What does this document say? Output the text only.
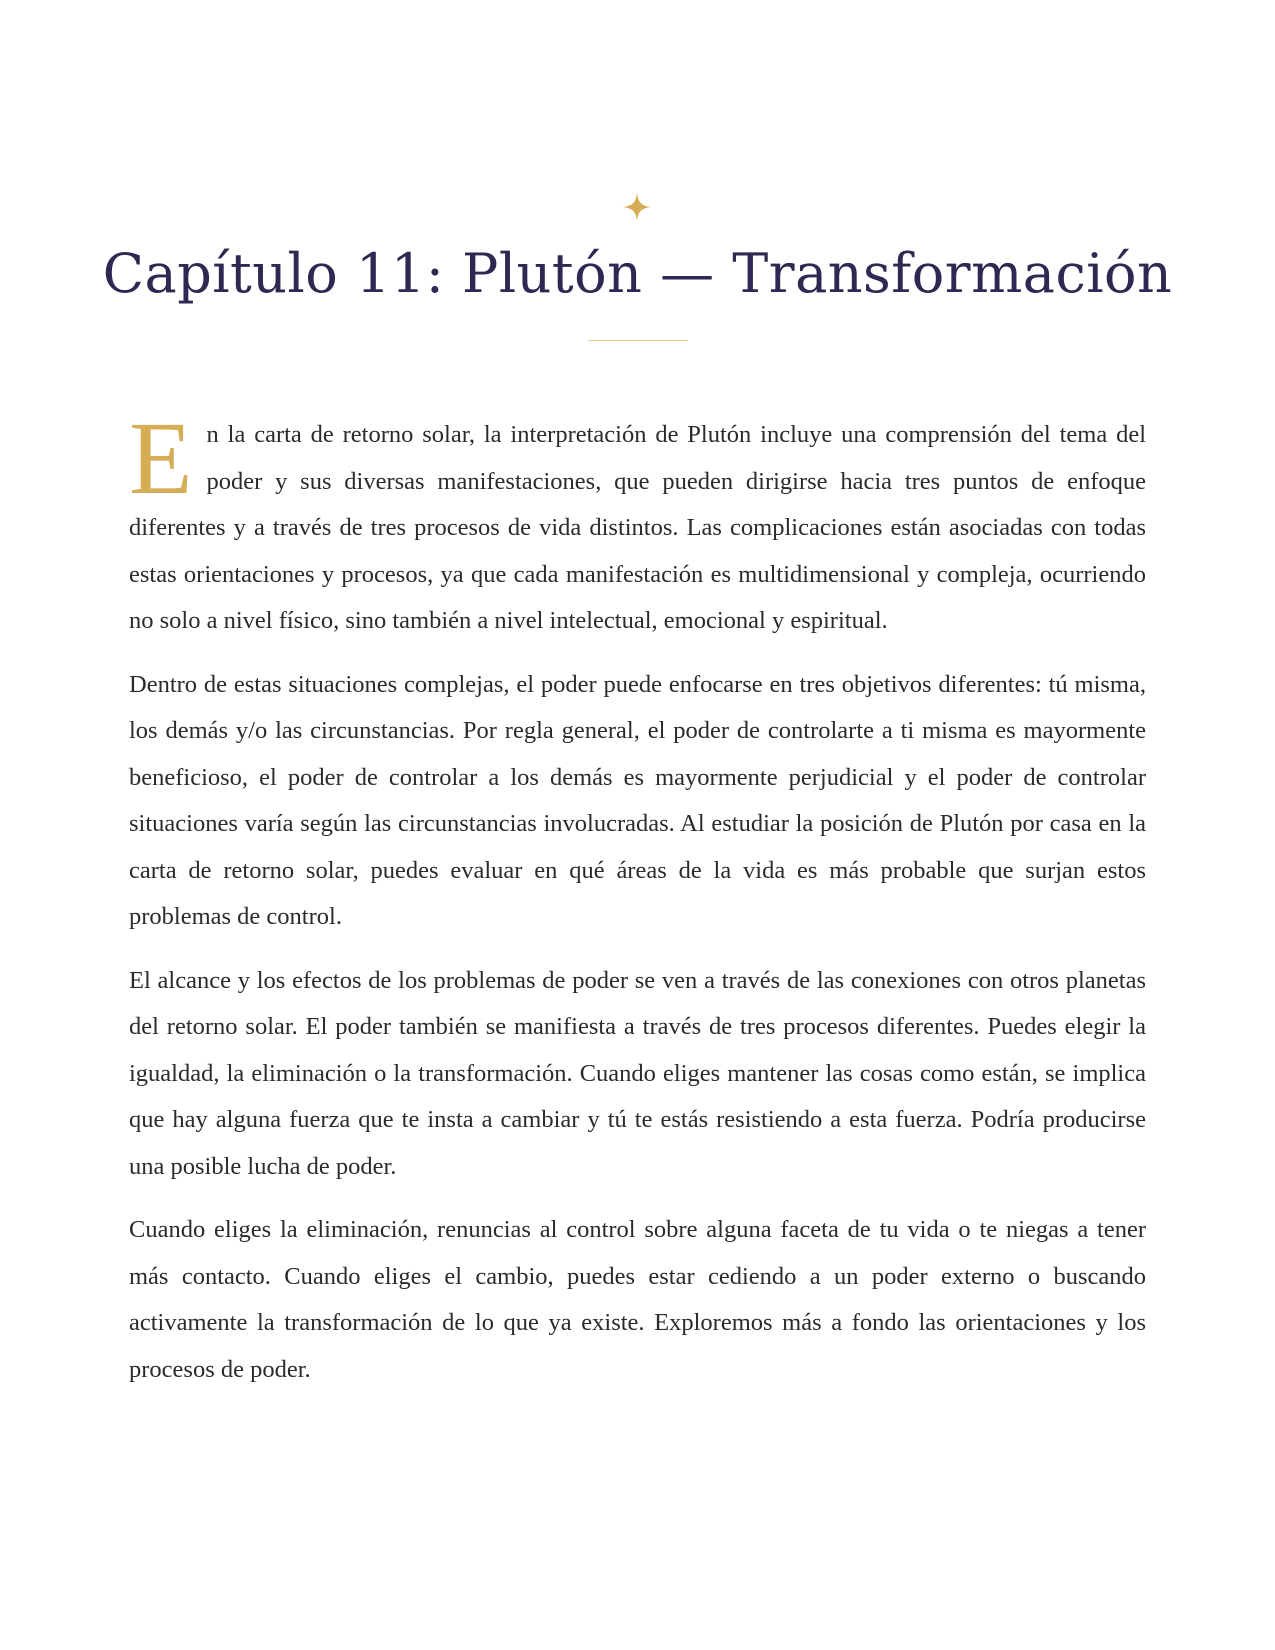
Capítulo 11: Plutón — Transformación

En la carta de retorno solar, la interpretación de Plutón incluye una comprensión del tema del poder y sus diversas manifestaciones, que pueden dirigirse hacia tres puntos de enfoque diferentes y a través de tres procesos de vida distintos. Las complicaciones están asociadas con todas estas orientaciones y procesos, ya que cada manifestación es multidimensional y compleja, ocurriendo no solo a nivel físico, sino también a nivel intelectual, emocional y espiritual.

Dentro de estas situaciones complejas, el poder puede enfocarse en tres objetivos diferentes: tú misma, los demás y/o las circunstancias. Por regla general, el poder de controlarte a ti misma es mayormente beneficioso, el poder de controlar a los demás es mayormente perjudicial y el poder de controlar situaciones varía según las circunstancias involucradas. Al estudiar la posición de Plutón por casa en la carta de retorno solar, puedes evaluar en qué áreas de la vida es más probable que surjan estos problemas de control.

El alcance y los efectos de los problemas de poder se ven a través de las conexiones con otros planetas del retorno solar. El poder también se manifiesta a través de tres procesos diferentes. Puedes elegir la igualdad, la eliminación o la transformación. Cuando eliges mantener las cosas como están, se implica que hay alguna fuerza que te insta a cambiar y tú te estás resistiendo a esta fuerza. Podría producirse una posible lucha de poder.

Cuando eliges la eliminación, renuncias al control sobre alguna faceta de tu vida o te niegas a tener más contacto. Cuando eliges el cambio, puedes estar cediendo a un poder externo o buscando activamente la transformación de lo que ya existe. Exploremos más a fondo las orientaciones y los procesos de poder.
